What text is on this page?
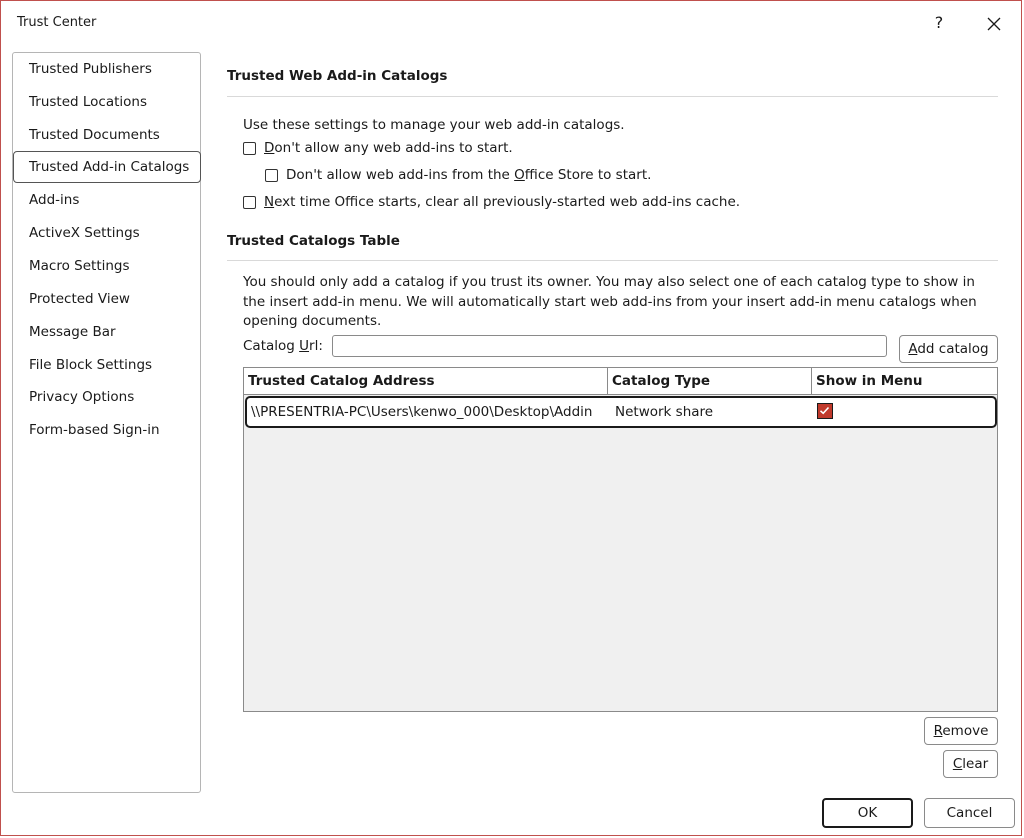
Trust Center	?
Trusted Publishers
Trusted Locations
Trusted Documents
Trusted Add-in Catalogs
Add-ins
ActiveX Settings
Macro Settings
Protected View
Message Bar
File Block Settings
Privacy Options
Form-based Sign-in
Trusted Web Add-in Catalogs
Use these settings to manage your web add-in catalogs.
Don't allow any web add-ins to start.
Don't allow web add-ins from the Office Store to start.
Next time Office starts, clear all previously-started web add-ins cache.
Trusted Catalogs Table
You should only add a catalog if you trust its owner. You may also select one of each catalog type to show in the insert add-in menu. We will automatically start web add-ins from your insert add-in menu catalogs when opening documents.
Catalog Url:	Add catalog
Trusted Catalog Address	Catalog Type	Show in Menu
\\PRESENTRIA-PC\Users\kenwo_000\Desktop\Addin	Network share
Remove
Clear
OK	Cancel
